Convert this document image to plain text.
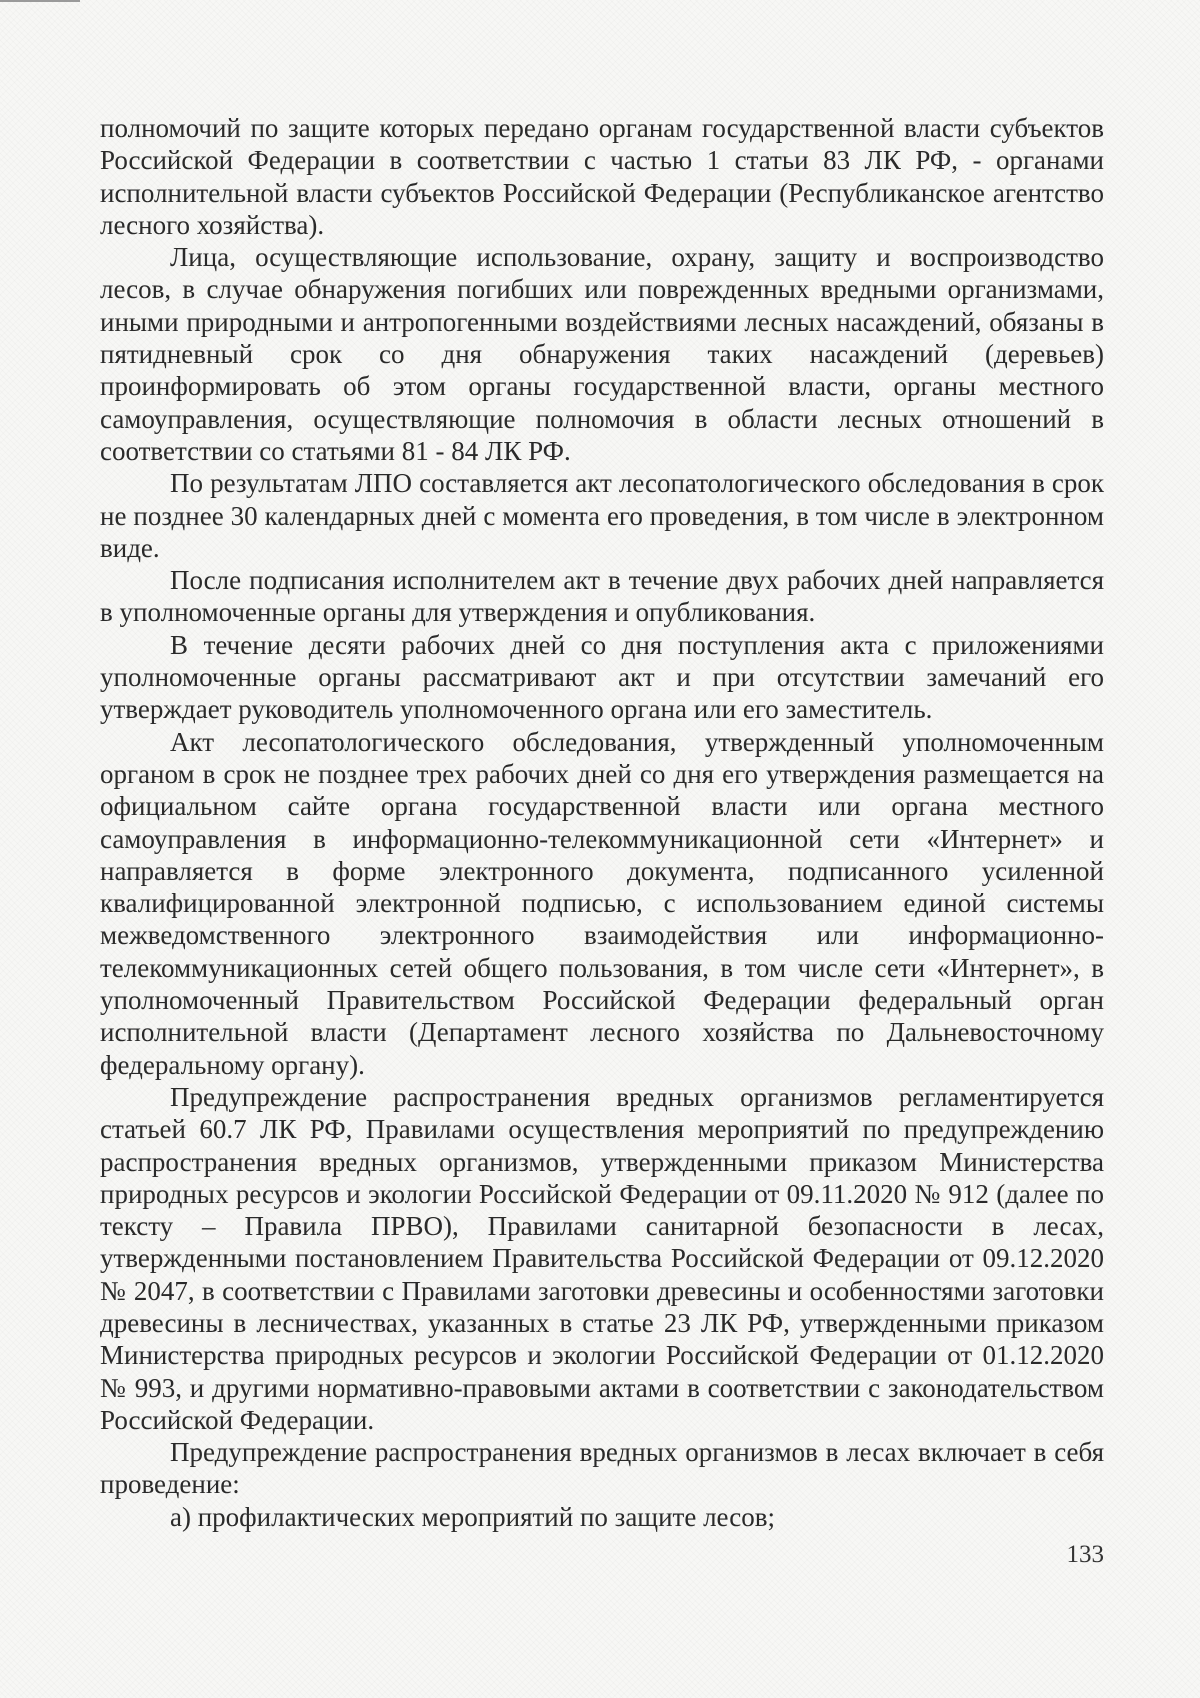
полномочий по защите которых передано органам государственной власти субъектов Российской Федерации в соответствии с частью 1 статьи 83 ЛК РФ, - органами исполнительной власти субъектов Российской Федерации (Республиканское агентство лесного хозяйства).

Лица, осуществляющие использование, охрану, защиту и воспроизводство лесов, в случае обнаружения погибших или поврежденных вредными организмами, иными природными и антропогенными воздействиями лесных насаждений, обязаны в пятидневный срок со дня обнаружения таких насаждений (деревьев) проинформировать об этом органы государственной власти, органы местного самоуправления, осуществляющие полномочия в области лесных отношений в соответствии со статьями 81 - 84 ЛК РФ.

По результатам ЛПО составляется акт лесопатологического обследования в срок не позднее 30 календарных дней с момента его проведения, в том числе в электронном виде.

После подписания исполнителем акт в течение двух рабочих дней направляется в уполномоченные органы для утверждения и опубликования.

В течение десяти рабочих дней со дня поступления акта с приложениями уполномоченные органы рассматривают акт и при отсутствии замечаний его утверждает руководитель уполномоченного органа или его заместитель.

Акт лесопатологического обследования, утвержденный уполномоченным органом в срок не позднее трех рабочих дней со дня его утверждения размещается на официальном сайте органа государственной власти или органа местного самоуправления в информационно-телекоммуникационной сети «Интернет» и направляется в форме электронного документа, подписанного усиленной квалифицированной электронной подписью, с использованием единой системы межведомственного электронного взаимодействия или информационно-телекоммуникационных сетей общего пользования, в том числе сети «Интернет», в уполномоченный Правительством Российской Федерации федеральный орган исполнительной власти (Департамент лесного хозяйства по Дальневосточному федеральному органу).

Предупреждение распространения вредных организмов регламентируется статьей 60.7 ЛК РФ, Правилами осуществления мероприятий по предупреждению распространения вредных организмов, утвержденными приказом Министерства природных ресурсов и экологии Российской Федерации от 09.11.2020 № 912 (далее по тексту – Правила ПРВО), Правилами санитарной безопасности в лесах, утвержденными постановлением Правительства Российской Федерации от 09.12.2020 № 2047, в соответствии с Правилами заготовки древесины и особенностями заготовки древесины в лесничествах, указанных в статье 23 ЛК РФ, утвержденными приказом Министерства природных ресурсов и экологии Российской Федерации от 01.12.2020 № 993, и другими нормативно-правовыми актами в соответствии с законодательством Российской Федерации.

Предупреждение распространения вредных организмов в лесах включает в себя проведение:

а) профилактических мероприятий по защите лесов;

133
